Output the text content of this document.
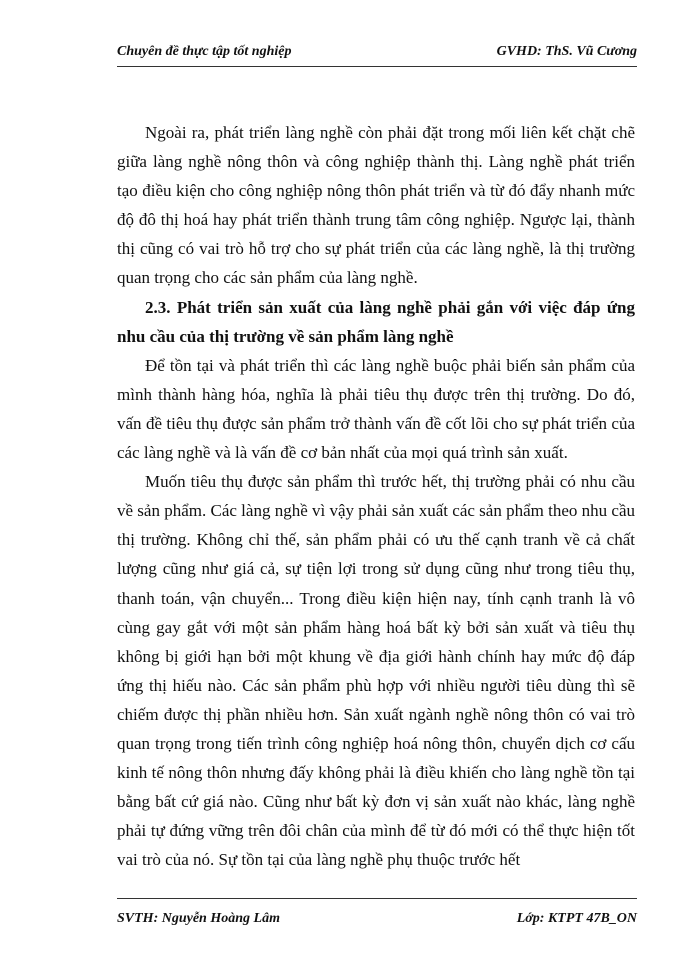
Chuyên đề thực tập tốt nghiệp	GVHD: ThS. Vũ Cương

Ngoài ra, phát triển làng nghề còn phải đặt trong mối liên kết chặt chẽ giữa làng nghề nông thôn và công nghiệp thành thị. Làng nghề phát triển tạo điều kiện cho công nghiệp nông thôn phát triển và từ đó đẩy nhanh mức độ đô thị hoá hay phát triển thành trung tâm công nghiệp. Ngược lại, thành thị cũng có vai trò hỗ trợ cho sự phát triển của các làng nghề, là thị trường quan trọng cho các sản phẩm của làng nghề.

2.3. Phát triển sản xuất của làng nghề phải gắn với việc đáp ứng nhu cầu của thị trường về sản phẩm làng nghề

Để tồn tại và phát triển thì các làng nghề buộc phải biến sản phẩm của mình thành hàng hóa, nghĩa là phải tiêu thụ được trên thị trường. Do đó, vấn đề tiêu thụ được sản phẩm trở thành vấn đề cốt lõi cho sự phát triển của các làng nghề và là vấn đề cơ bản nhất của mọi quá trình sản xuất.

Muốn tiêu thụ được sản phẩm thì trước hết, thị trường phải có nhu cầu về sản phẩm. Các làng nghề vì vậy phải sản xuất các sản phẩm theo nhu cầu thị trường. Không chỉ thế, sản phẩm phải có ưu thế cạnh tranh về cả chất lượng cũng như giá cả, sự tiện lợi trong sử dụng cũng như trong tiêu thụ, thanh toán, vận chuyển... Trong điều kiện hiện nay, tính cạnh tranh là vô cùng gay gắt với một sản phẩm hàng hoá bất kỳ bởi sản xuất và tiêu thụ không bị giới hạn bởi một khung về địa giới hành chính hay mức độ đáp ứng thị hiếu nào. Các sản phẩm phù hợp với nhiều người tiêu dùng thì sẽ chiếm được thị phần nhiều hơn. Sản xuất ngành nghề nông thôn có vai trò quan trọng trong tiến trình công nghiệp hoá nông thôn, chuyển dịch cơ cấu kinh tế nông thôn nhưng đấy không phải là điều khiến cho làng nghề tồn tại bằng bất cứ giá nào. Cũng như bất kỳ đơn vị sản xuất nào khác, làng nghề phải tự đứng vững trên đôi chân của mình để từ đó mới có thể thực hiện tốt vai trò của nó. Sự tồn tại của làng nghề phụ thuộc trước hết

SVTH: Nguyễn Hoàng Lâm	Lớp: KTPT 47B_ON
